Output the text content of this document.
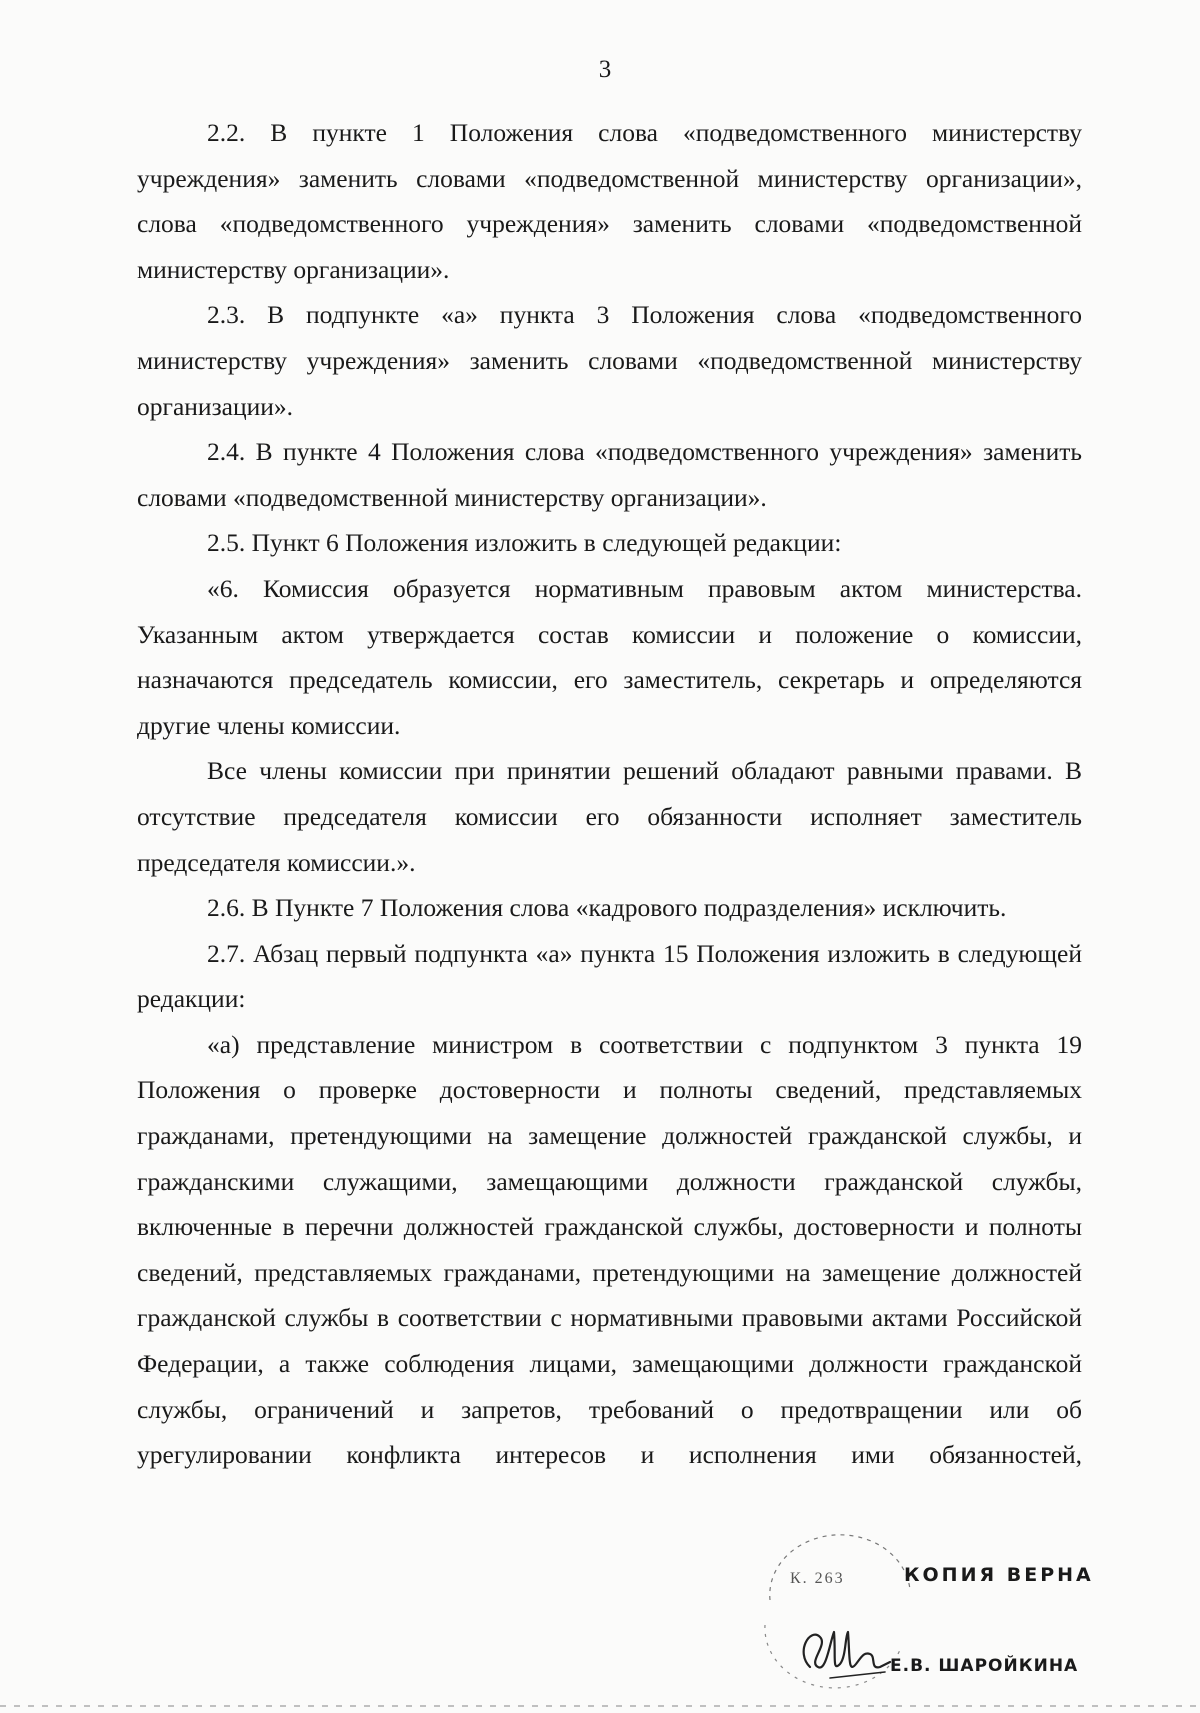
3

2.2. В пункте 1 Положения слова «подведомственного министерству учреждения» заменить словами «подведомственной министерству организации», слова «подведомственного учреждения» заменить словами «подведомственной министерству организации».

2.3. В подпункте «а» пункта 3 Положения слова «подведомственного министерству учреждения» заменить словами «подведомственной министерству организации».

2.4. В пункте 4 Положения слова «подведомственного учреждения» заменить словами «подведомственной министерству организации».

2.5. Пункт 6 Положения изложить в следующей редакции:

«6. Комиссия образуется нормативным правовым актом министерства. Указанным актом утверждается состав комиссии и положение о комиссии, назначаются председатель комиссии, его заместитель, секретарь и определяются другие члены комиссии.

Все члены комиссии при принятии решений обладают равными правами. В отсутствие председателя комиссии его обязанности исполняет заместитель председателя комиссии.».

2.6. В Пункте 7 Положения слова «кадрового подразделения» исключить.

2.7. Абзац первый подпункта «а» пункта 15 Положения изложить в следующей редакции:

«а) представление министром в соответствии с подпунктом 3 пункта 19 Положения о проверке достоверности и полноты сведений, представляемых гражданами, претендующими на замещение должностей гражданской службы, и гражданскими служащими, замещающими должности гражданской службы, включенные в перечни должностей гражданской службы, достоверности и полноты сведений, представляемых гражданами, претендующими на замещение должностей гражданской службы в соответствии с нормативными правовыми актами Российской Федерации, а также соблюдения лицами, замещающими должности гражданской службы, ограничений и запретов, требований о предотвращении или об урегулировании конфликта интересов и исполнения ими обязанностей,

К. 263	КОПИЯ ВЕРНА
Е.В. ШАРОЙКИНА
